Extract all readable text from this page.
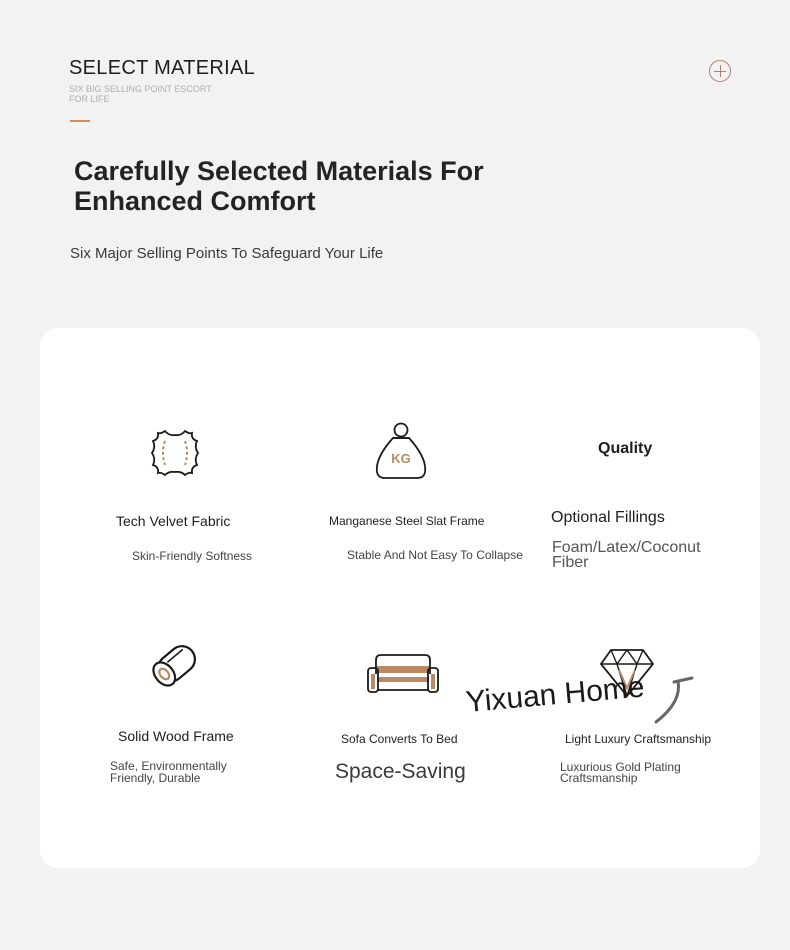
SELECT MATERIAL
SIX BIG SELLING POINT ESCORT FOR LIFE
Carefully Selected Materials For Enhanced Comfort
Six Major Selling Points To Safeguard Your Life
Tech Velvet Fabric
Skin-Friendly Softness
KG
Manganese Steel Slat Frame
Stable And Not Easy To Collapse
Quality
Optional Fillings
Foam/Latex/Coconut Fiber
Solid Wood Frame
Safe, Environmentally Friendly, Durable
Sofa Converts To Bed
Space-Saving
Light Luxury Craftsmanship
Luxurious Gold Plating Craftsmanship
Yixuan Home
